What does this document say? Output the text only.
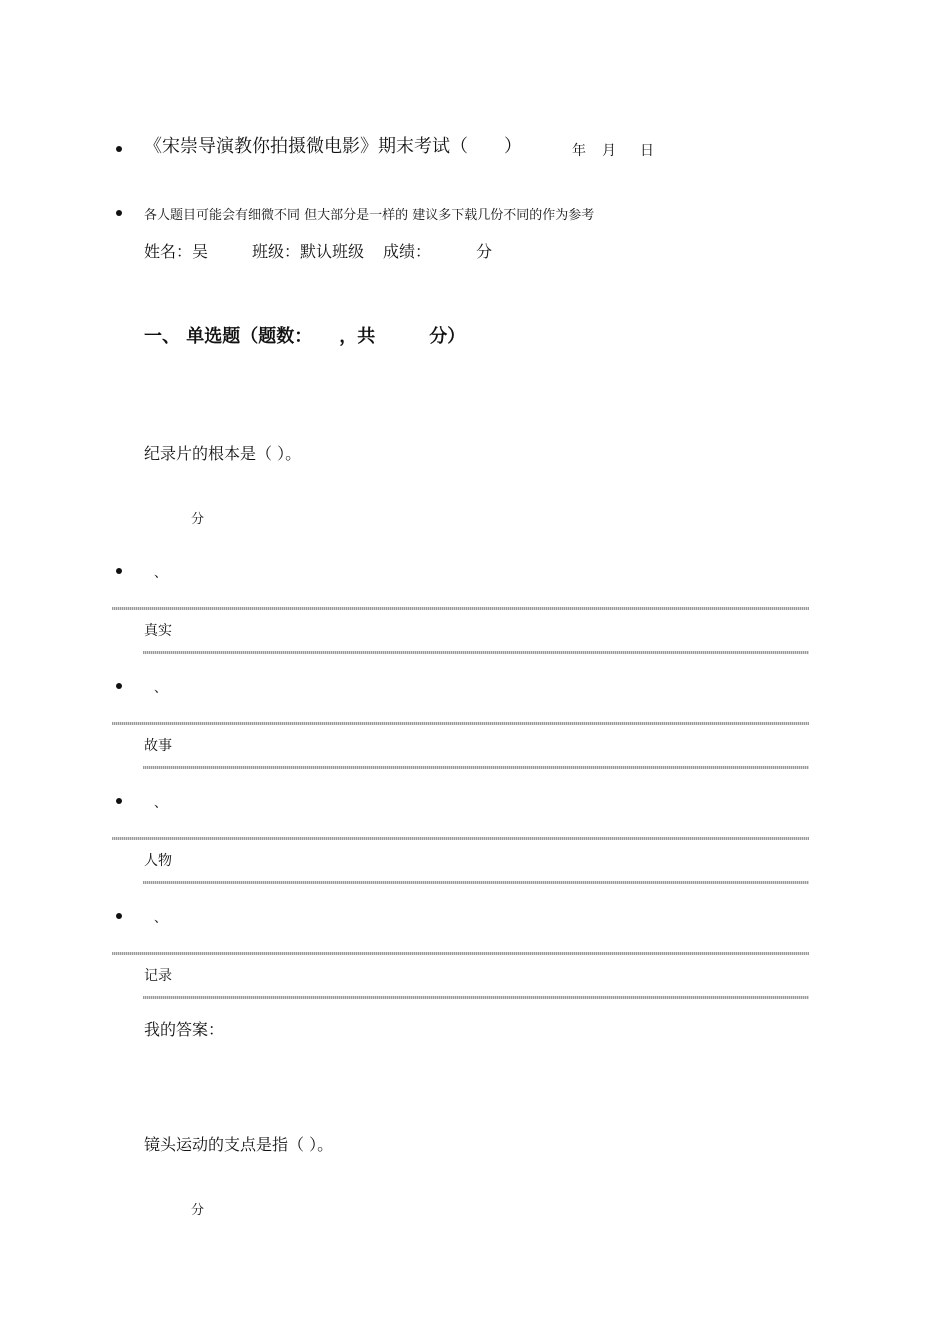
《宋崇导演教你拍摄微电影》期末考试（　　）	年 月 日
各人题目可能会有细微不同 但大部分是一样的 建议多下载几份不同的作为参考
姓名：吴	班级：默认班级 成绩：	分
一、 单选题（题数：　　，共　　　分）
纪录片的根本是（ ）。
分
、
真实
、
故事
、
人物
、
记录
我的答案：
镜头运动的支点是指（ ）。
分
